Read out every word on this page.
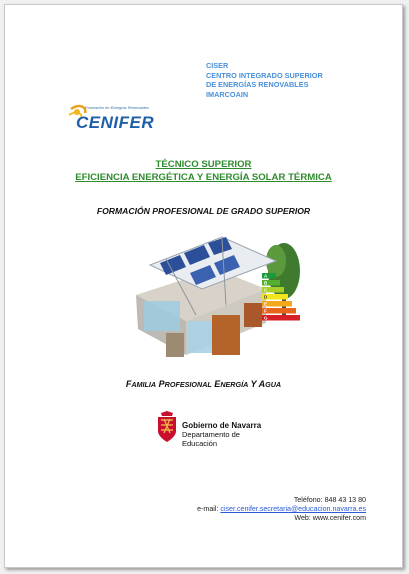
CISER
CENTRO INTEGRADO SUPERIOR
DE ENERGÍAS RENOVABLES
IMARCOAIN
Formación en Energías Renovables
CENIFER
TÉCNICO SUPERIOR
EFICIENCIA ENERGÉTICA Y ENERGÍA SOLAR TÉRMICA
FORMACIÓN PROFESIONAL DE GRADO SUPERIOR
A
B
C
D
E
F
G
FAMILIA PROFESIONAL ENERGÍA Y AGUA
Gobierno de Navarra
Departamento de
Educación
Teléfono: 848 43 13 80
e-mail: ciser.cenifer.secretaria@educacion.navarra.es
Web: www.cenifer.com
